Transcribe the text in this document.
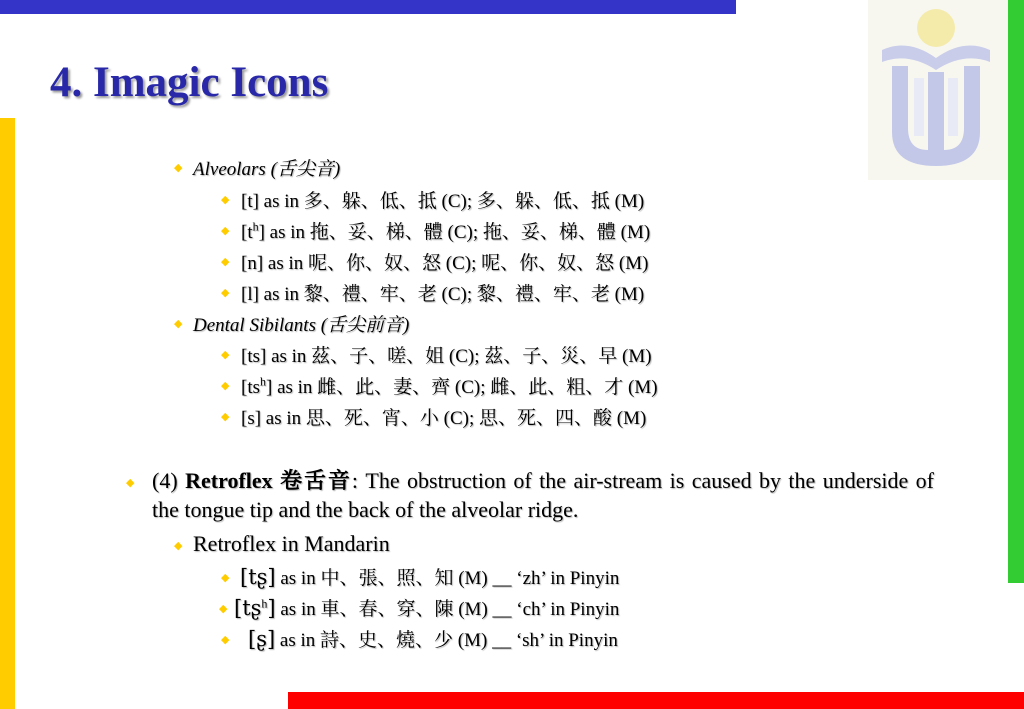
4. Imagic Icons
◆ Alveolars (舌尖音)
◆ [t] as in 多、躲、低、抵 (C); 多、躲、低、抵 (M)
◆ $[t^h]$ as in 拖、妥、梯、體 (C); 拖、妥、梯、體 (M)
◆ [n] as in 呢、你、奴、怒 (C); 呢、你、奴、怒 (M)
◆ [l] as in 黎、禮、牢、老 (C); 黎、禮、牢、老 (M)
◆ Dental Sibilants (舌尖前音)
◆ [ts] as in 茲、子、嗟、姐 (C); 茲、子、災、早 (M)
◆ $[ts^h]$ as in 雌、此、妻、齊 (C); 雌、此、粗、才 (M)
◆ [s] as in 思、死、宵、小 (C); 思、死、四、酸 (M)
◆ (4) Retroflex 卷舌音: The obstruction of the air-stream is caused by the underside of the tongue tip and the back of the alveolar ridge.

◆ Retroflex in Mandarin
◆ [tʂ] as in 中、張、照、知 (M) __ ‘zh’ in Pinyin
◆ [tʂ$^h$] as in 車、春、穿、陳 (M) __ ‘ch’ in Pinyin
◆ [ʂ] as in 詩、史、燒、少 (M) __ ‘sh’ in Pinyin
